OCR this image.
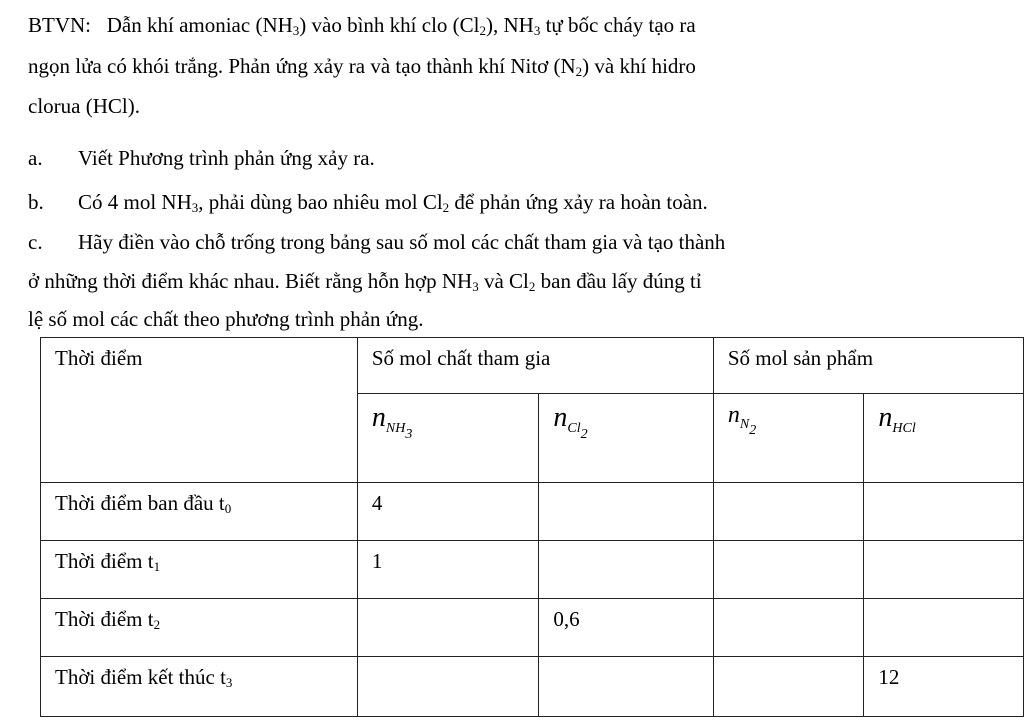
BTVN: Dẫn khí amoniac $(NH_3)$ vào bình khí clo $(Cl_2)$, $NH_3$ tự bốc cháy tạo ra
ngọn lửa có khói trắng. Phản ứng xảy ra và tạo thành khí Nitơ $(N_2)$ và khí hidro
clorua (HCl).
a. Viết Phương trình phản ứng xảy ra.
b. Có 4 mol $NH_3$, phải dùng bao nhiêu mol $Cl_2$ để phản ứng xảy ra hoàn toàn.
c. Hãy điền vào chỗ trống trong bảng sau số mol các chất tham gia và tạo thành
ở những thời điểm khác nhau. Biết rằng hỗn hợp $NH_3$ và $Cl_2$ ban đầu lấy đúng tỉ
lệ số mol các chất theo phương trình phản ứng.
Thời điểm	Số mol chất tham gia		Số mol sản phẩm	
	$n_{NH_3}$	$n_{Cl_2}$	$n_{N_2}$	$n_{HCl}$
Thời điểm ban đầu $t_0$	4			
Thời điểm $t_1$	1			
Thời điểm $t_2$		0,6		
Thời điểm kết thúc $t_3$				12
